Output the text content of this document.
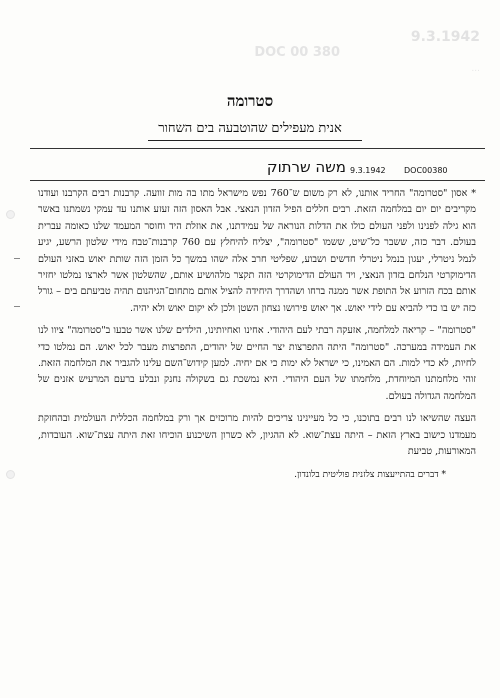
9.3.1942
DOC 00 380
...
סטרומה
אנית מעפילים שהוטבעה בים השחור
משה שרתוק 9.3.1942 DOC00380

* אסון "סטרומה" החריד אותנו, לא רק משום ש־760 נפש מישראל מתו בה מות זוועה. קרבנות רבים הקרבנו ועודנו מקריבים יום יום במלחמה הזאת. רבים חללים הפיל הזדון הנאצי. אבל האסון הזה זעזע אותנו עד עמקי נשמתנו באשר הוא גילה לפנינו ולפני העולם כולו את הדלות הנוראה של עמידתנו, את אוזלת היד וחוסר המעמד שלנו כאומה עברית בעולם. דבר כזה, ששבר כל־שיט, ששמו "סטרומה", יצליח להיחלץ עם 760 קרבנות־טבח מידי שלטון הרשע, יגיע לנמל ניטרלי, יעגון בנמל ניטרלי חדשים ושבוע, שפליטי חרב אלה ישהו במשך כל הזמן הזה שותת יאוש באזני העולם הדימוקרטי הנלחם בזדון הנאצי, ויד העולם הדימוקרטי הזה תקצר מלהושיע אותם, שהשלטון אשר לארצו נמלטו יחזיר אותם בכח הזרוע אל התופת אשר ממנה ברחו ושהדרך היחידה להציל אותם מתחום־הגיהנום תהיה טביעתם בים – גורל כזה יש בו כדי להביא עם לידי יאוש. אך יאוש פירושו נצחון השטן ולכן לא יקום יאוש ולא יהיה.

"סטרומה" – קריאה למלחמה, אזעקה רבתי לעם היהודי. אחינו ואחיותינו, הילדים שלנו אשר טבעו ב"סטרומה" ציוו לנו את העמידה במערכה. "סטרומה" היתה התפרצות יצר החיים של יהודים, התפרצות מעבר לכל יאוש. הם נמלטו כדי לחיות, לא כדי למות. הם האמינו, כי ישראל לא ימות כי אם יחיה. למען קידוש־השם עלינו להגביר את המלחמה הזאת. זוהי מלחמתנו המיוחדת, מלחמתו של העם היהודי. היא נמשכת גם בשקולה נחנק ונבלע ברעם המרעיש אזנים של המלחמה הגדולה בעולם.

העצה שהשיאו לנו רבים בתוכנו, כי כל מעיינינו צריכים להיות מרוכזים אך ורק במלחמה הכללית העולמית ובהחזקת מעמדנו כישוב בארץ הזאת – היתה עצת־שוא. לא ההגיון, לא כשרון השיכנוע הוכיחו זאת היתה עצת־שוא. העובדות, המאורעות, טביעת

* דברים בהתייעצות צלזנית פוליטית בלונדון.
